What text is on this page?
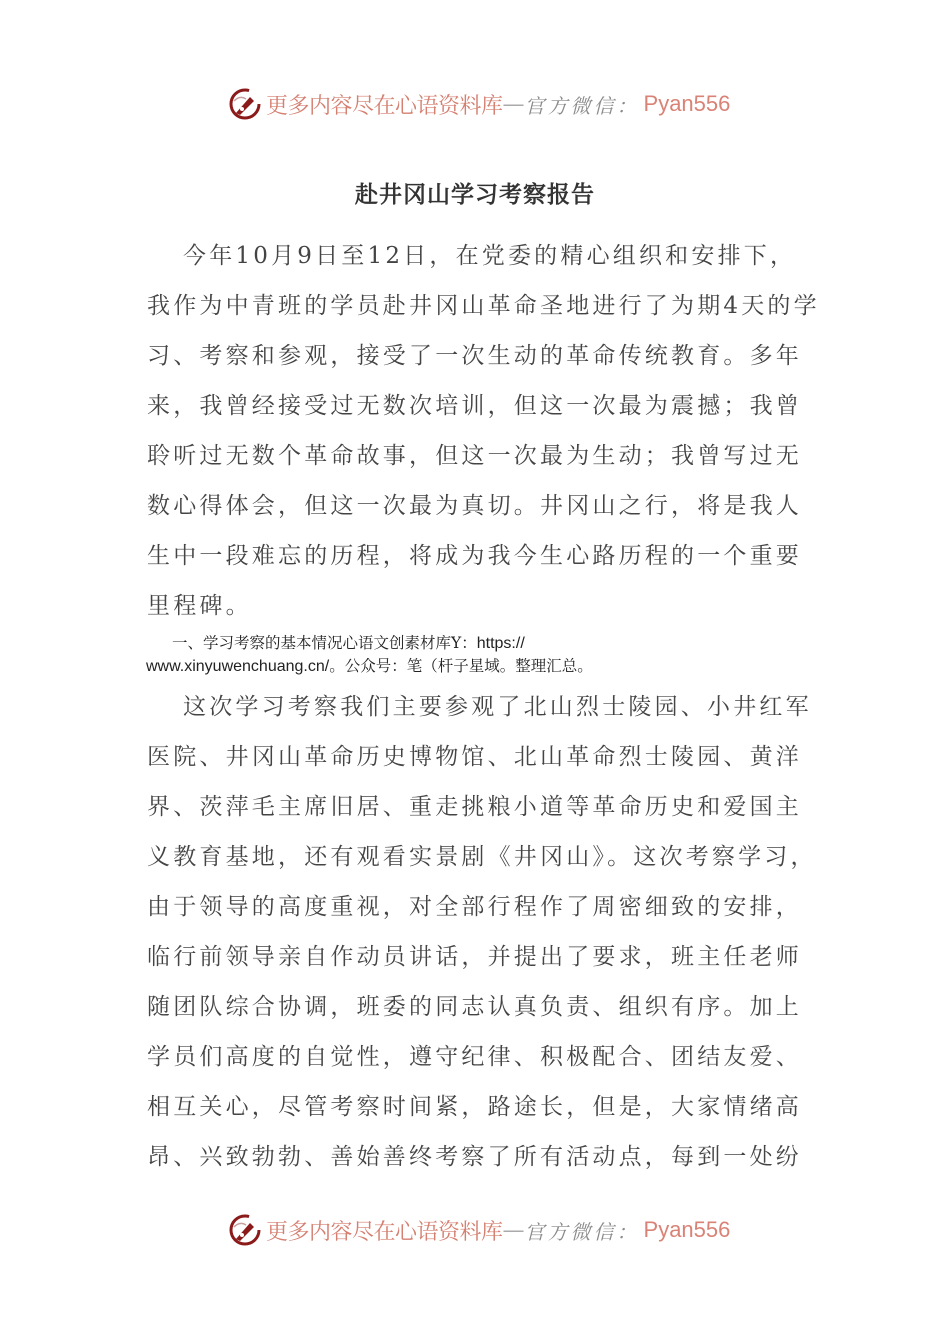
更多内容尽在心语资料库 — 官方微信： Pyan556
赴井冈山学习考察报告
今年10月9日至12日，在党委的精心组织和安排下，
我作为中青班的学员赴井冈山革命圣地进行了为期4天的学
习、考察和参观，接受了一次生动的革命传统教育。多年
来，我曾经接受过无数次培训，但这一次最为震撼；我曾
聆听过无数个革命故事，但这一次最为生动；我曾写过无
数心得体会，但这一次最为真切。井冈山之行，将是我人
生中一段难忘的历程，将成为我今生心路历程的一个重要
里程碑。
一、学习考察的基本情况心语文创素材库Y：https://
www.xinyuwenchuang.cn/。公众号：笔（杆子星域。整理汇总。
这次学习考察我们主要参观了北山烈士陵园、小井红军
医院、井冈山革命历史博物馆、北山革命烈士陵园、黄洋
界、茨萍毛主席旧居、重走挑粮小道等革命历史和爱国主
义教育基地，还有观看实景剧《井冈山》。这次考察学习，
由于领导的高度重视，对全部行程作了周密细致的安排，
临行前领导亲自作动员讲话，并提出了要求，班主任老师
随团队综合协调，班委的同志认真负责、组织有序。加上
学员们高度的自觉性，遵守纪律、积极配合、团结友爱、
相互关心，尽管考察时间紧，路途长，但是，大家情绪高
昂、兴致勃勃、善始善终考察了所有活动点，每到一处纷
更多内容尽在心语资料库 — 官方微信： Pyan556
